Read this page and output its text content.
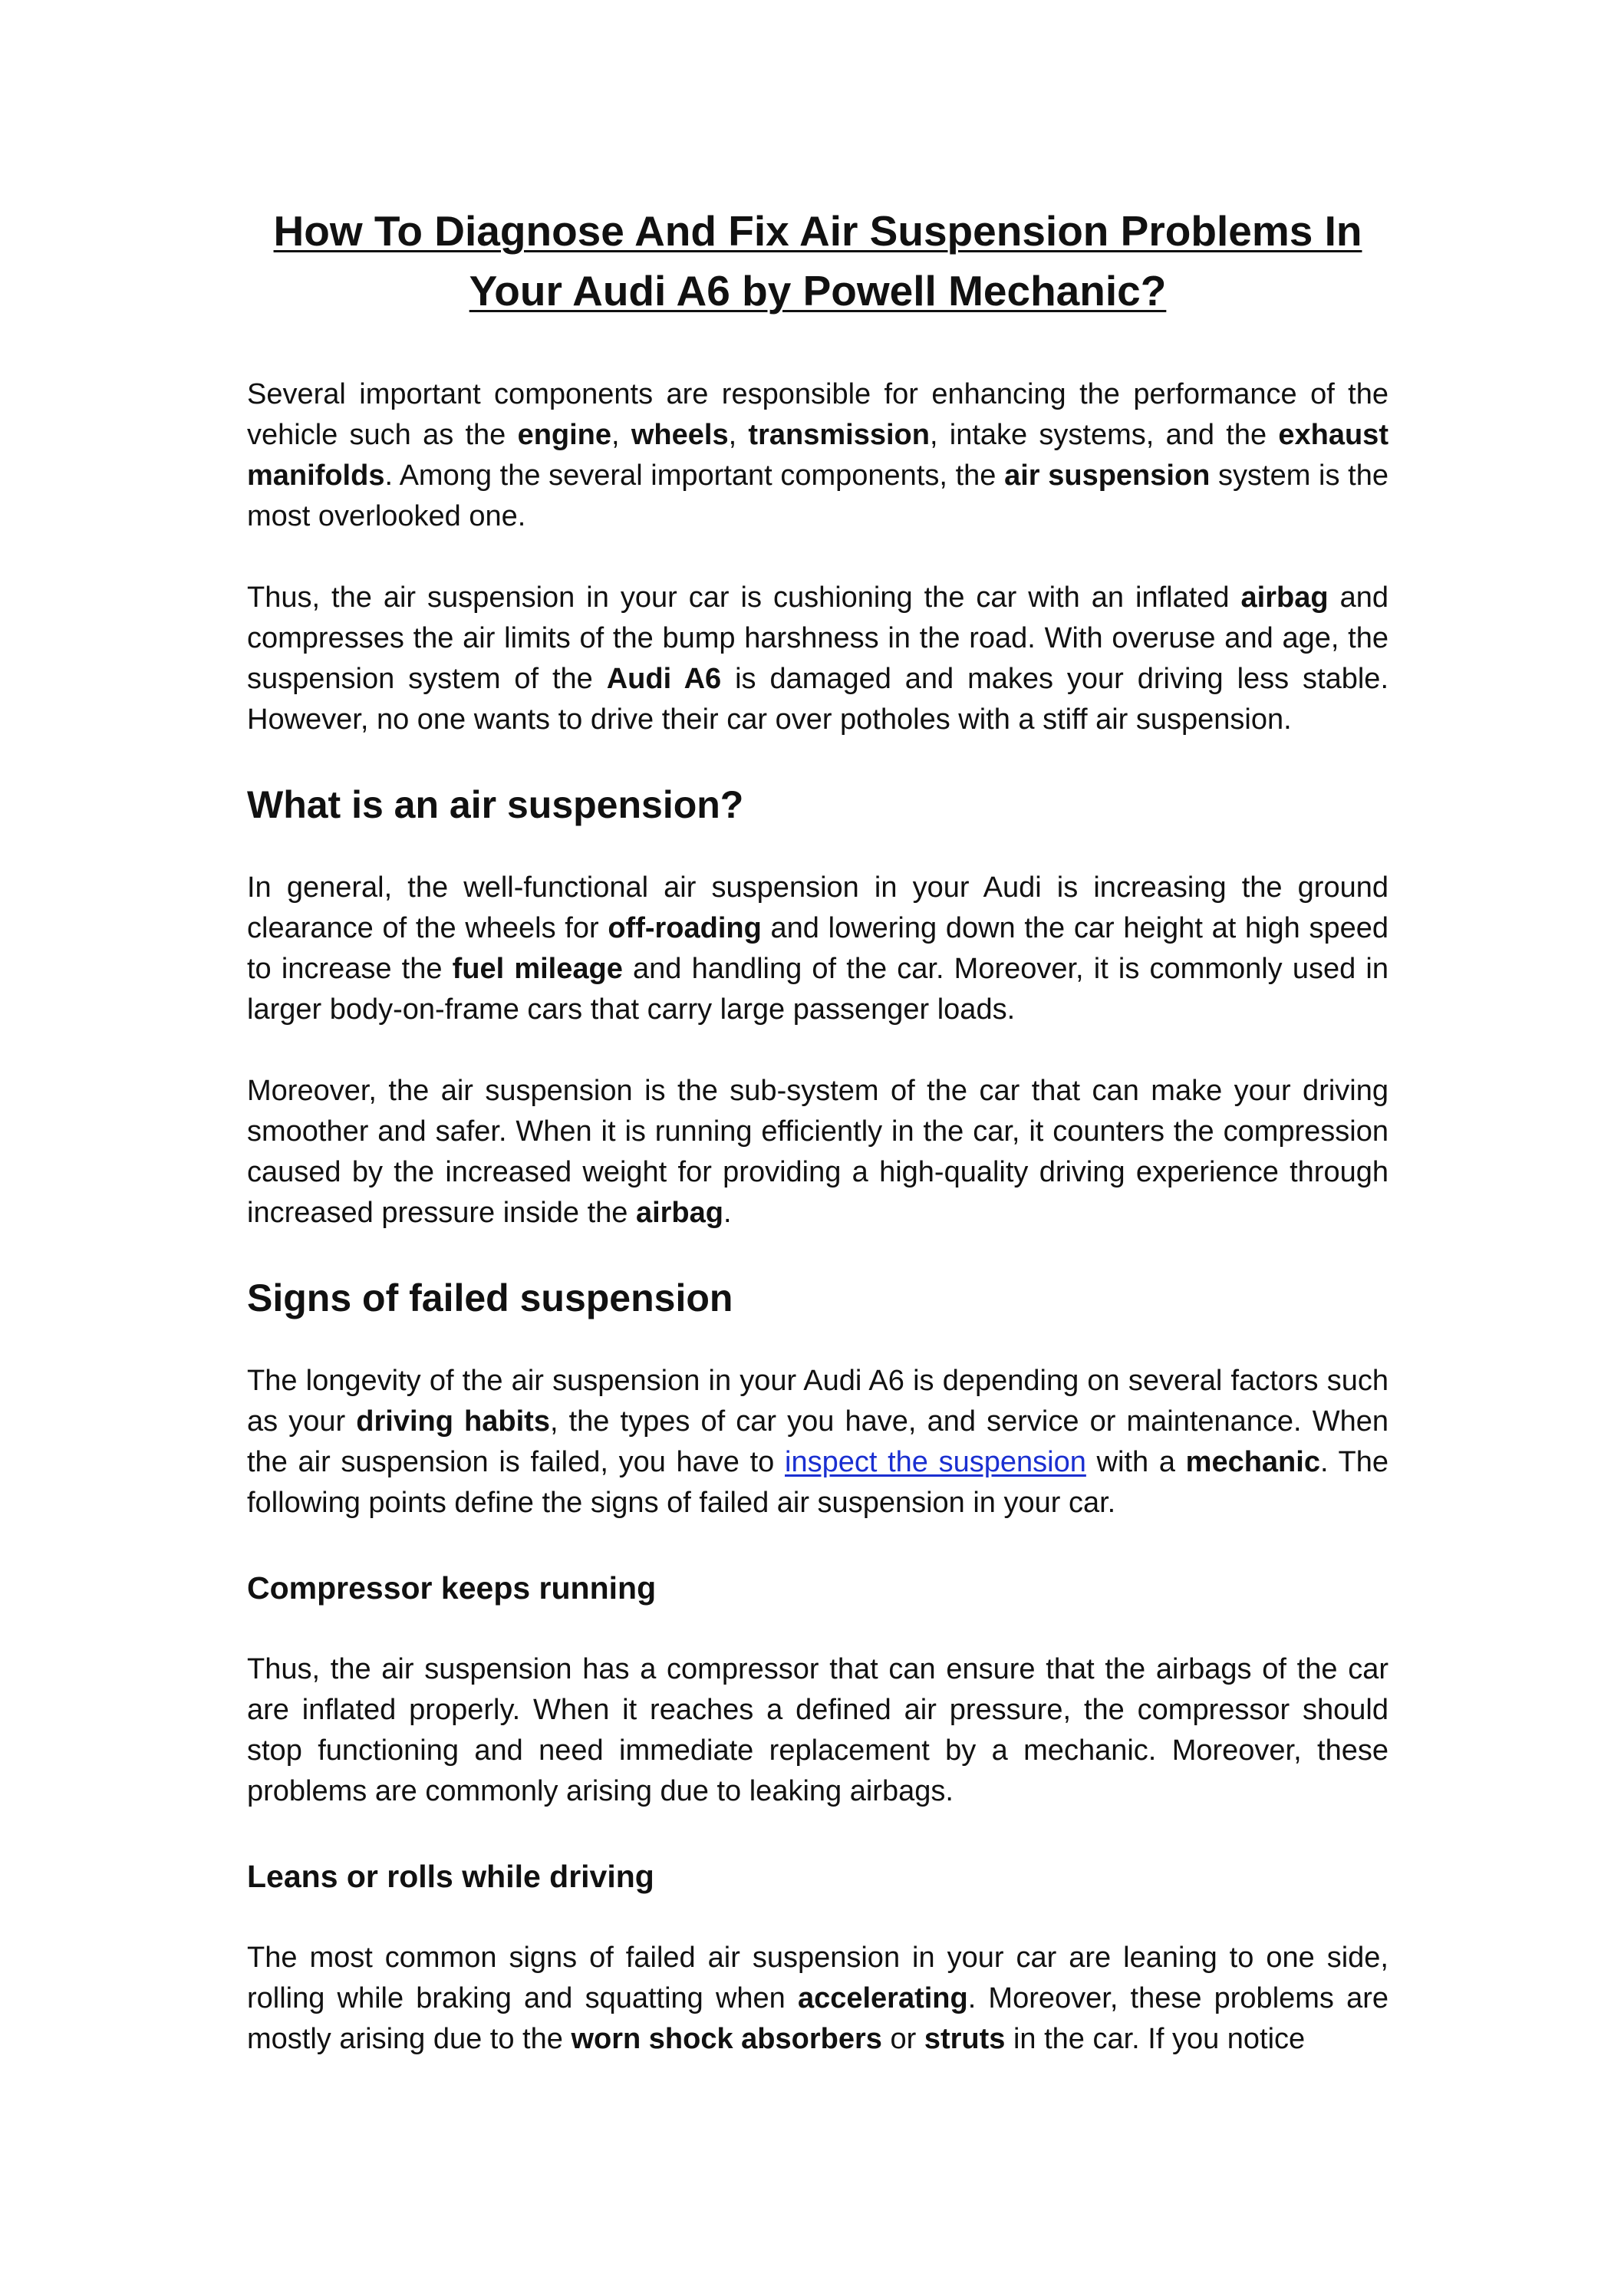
How To Diagnose And Fix Air Suspension Problems In Your Audi A6 by Powell Mechanic?

Several important components are responsible for enhancing the performance of the vehicle such as the engine, wheels, transmission, intake systems, and the exhaust manifolds. Among the several important components, the air suspension system is the most overlooked one.

Thus, the air suspension in your car is cushioning the car with an inflated airbag and compresses the air limits of the bump harshness in the road. With overuse and age, the suspension system of the Audi A6 is damaged and makes your driving less stable. However, no one wants to drive their car over potholes with a stiff air suspension.

What is an air suspension?

In general, the well-functional air suspension in your Audi is increasing the ground clearance of the wheels for off-roading and lowering down the car height at high speed to increase the fuel mileage and handling of the car. Moreover, it is commonly used in larger body-on-frame cars that carry large passenger loads.

Moreover, the air suspension is the sub-system of the car that can make your driving smoother and safer. When it is running efficiently in the car, it counters the compression caused by the increased weight for providing a high-quality driving experience through increased pressure inside the airbag.

Signs of failed suspension

The longevity of the air suspension in your Audi A6 is depending on several factors such as your driving habits, the types of car you have, and service or maintenance. When the air suspension is failed, you have to inspect the suspension with a mechanic. The following points define the signs of failed air suspension in your car.

Compressor keeps running

Thus, the air suspension has a compressor that can ensure that the airbags of the car are inflated properly. When it reaches a defined air pressure, the compressor should stop functioning and need immediate replacement by a mechanic. Moreover, these problems are commonly arising due to leaking airbags.

Leans or rolls while driving

The most common signs of failed air suspension in your car are leaning to one side, rolling while braking and squatting when accelerating. Moreover, these problems are mostly arising due to the worn shock absorbers or struts in the car. If you notice
